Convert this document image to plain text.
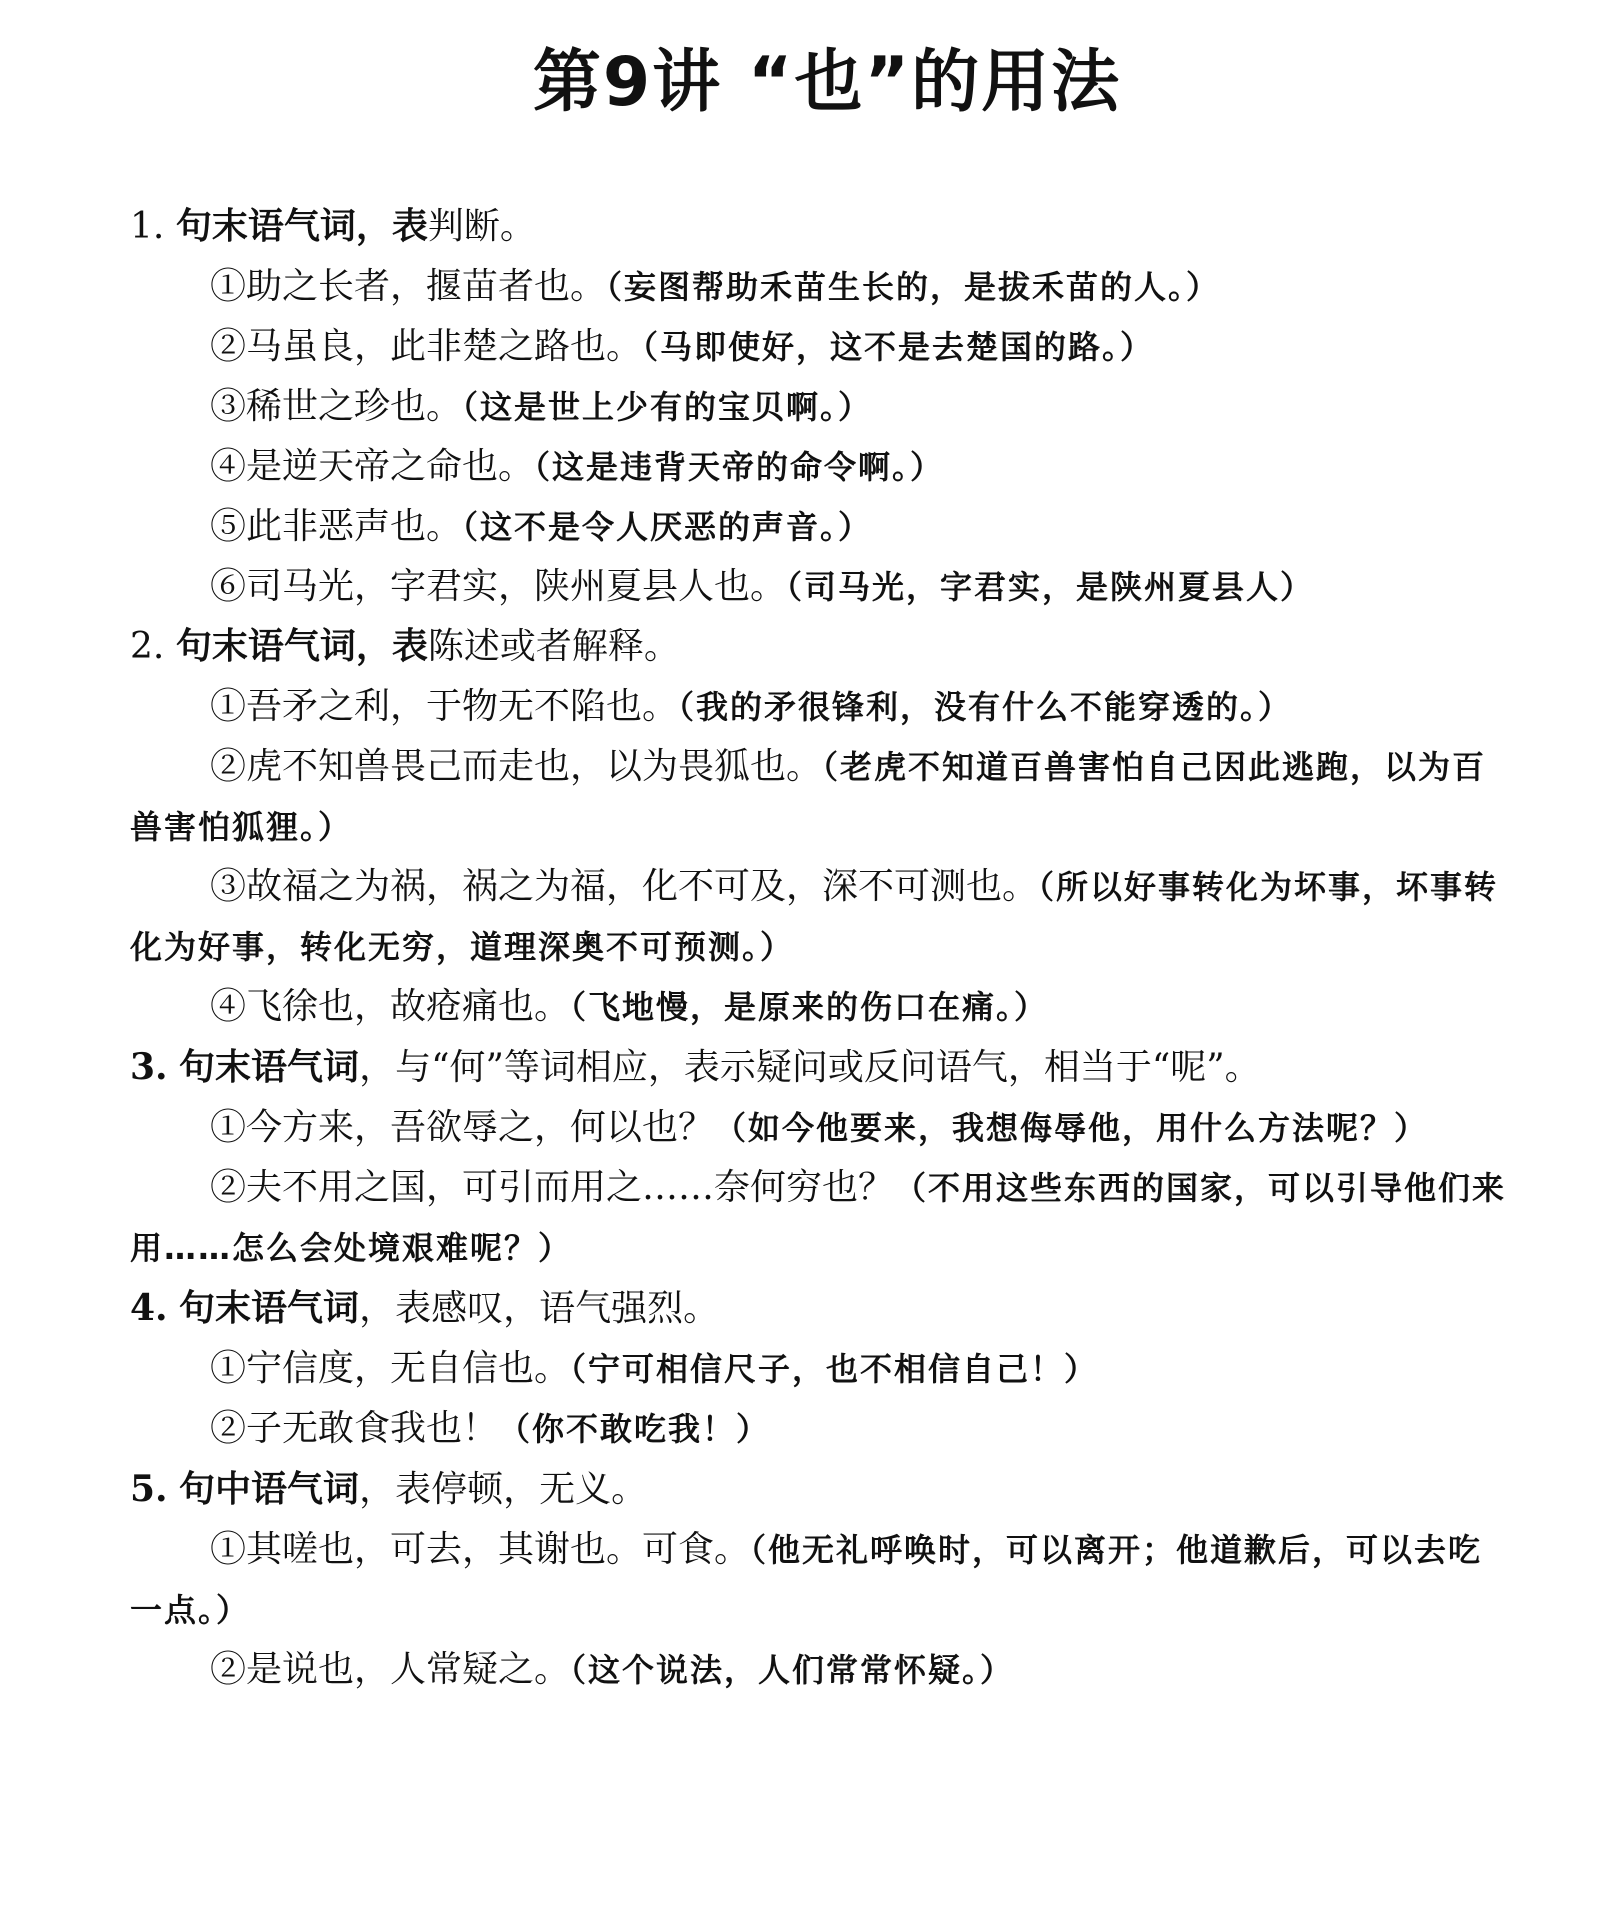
第9讲 “也”的用法

1. 句末语气词，表判断。

①助之长者，揠苗者也。（妄图帮助禾苗生长的，是拔禾苗的人。）

②马虽良，此非楚之路也。（马即使好，这不是去楚国的路。）

③稀世之珍也。（这是世上少有的宝贝啊。）

④是逆天帝之命也。（这是违背天帝的命令啊。）

⑤此非恶声也。（这不是令人厌恶的声音。）

⑥司马光，字君实，陕州夏县人也。（司马光，字君实，是陕州夏县人）

2. 句末语气词，表陈述或者解释。

①吾矛之利，于物无不陷也。（我的矛很锋利，没有什么不能穿透的。）

②虎不知兽畏己而走也，以为畏狐也。（老虎不知道百兽害怕自己因此逃跑，以为百兽害怕狐狸。）

③故福之为祸，祸之为福，化不可及，深不可测也。（所以好事转化为坏事，坏事转化为好事，转化无穷，道理深奥不可预测。）

④飞徐也，故疮痛也。（飞地慢，是原来的伤口在痛。）

3. 句末语气词，与“何”等词相应，表示疑问或反问语气，相当于“呢”。

①今方来，吾欲辱之，何以也？（如今他要来，我想侮辱他，用什么方法呢？）

②夫不用之国，可引而用之……奈何穷也？（不用这些东西的国家，可以引导他们来用……怎么会处境艰难呢？）

4. 句末语气词，表感叹，语气强烈。

①宁信度，无自信也。（宁可相信尺子，也不相信自己！）

②子无敢食我也！（你不敢吃我！）

5. 句中语气词，表停顿，无义。

①其嗟也，可去，其谢也。可食。（他无礼呼唤时，可以离开；他道歉后，可以去吃一点。）

②是说也，人常疑之。（这个说法，人们常常怀疑。）
